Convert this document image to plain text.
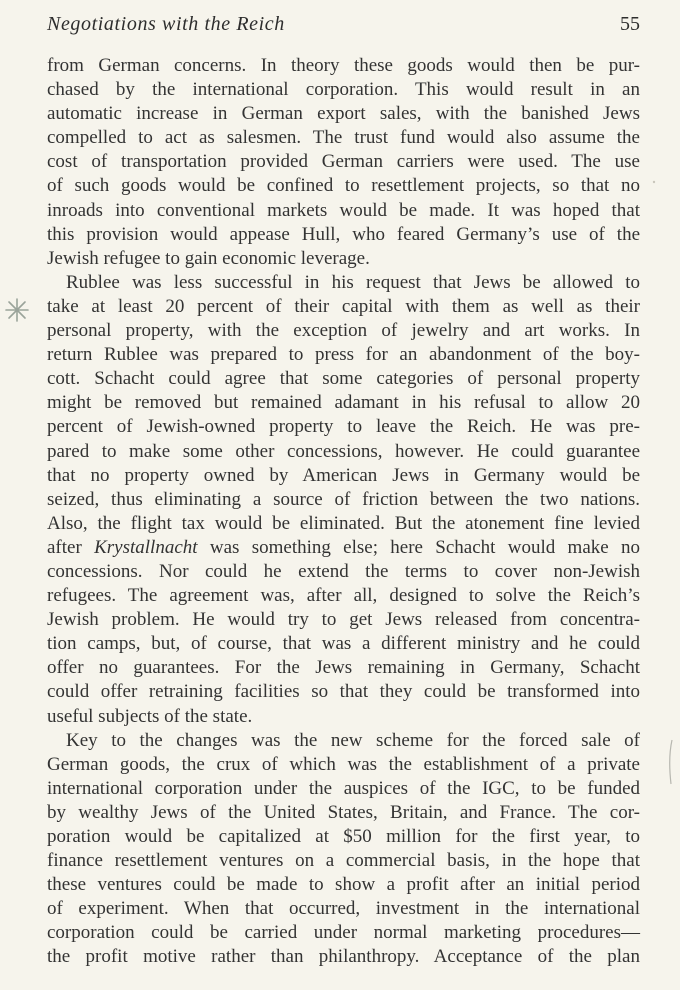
Negotiations with the Reich	55
from German concerns. In theory these goods would then be pur-
chased by the international corporation. This would result in an
automatic increase in German export sales, with the banished Jews
compelled to act as salesmen. The trust fund would also assume the
cost of transportation provided German carriers were used. The use
of such goods would be confined to resettlement projects, so that no
inroads into conventional markets would be made. It was hoped that
this provision would appease Hull, who feared Germany’s use of the
Jewish refugee to gain economic leverage.
Rublee was less successful in his request that Jews be allowed to
take at least 20 percent of their capital with them as well as their
personal property, with the exception of jewelry and art works. In
return Rublee was prepared to press for an abandonment of the boy-
cott. Schacht could agree that some categories of personal property
might be removed but remained adamant in his refusal to allow 20
percent of Jewish-owned property to leave the Reich. He was pre-
pared to make some other concessions, however. He could guarantee
that no property owned by American Jews in Germany would be
seized, thus eliminating a source of friction between the two nations.
Also, the flight tax would be eliminated. But the atonement fine levied
after Krystallnacht was something else; here Schacht would make no
concessions. Nor could he extend the terms to cover non-Jewish
refugees. The agreement was, after all, designed to solve the Reich’s
Jewish problem. He would try to get Jews released from concentra-
tion camps, but, of course, that was a different ministry and he could
offer no guarantees. For the Jews remaining in Germany, Schacht
could offer retraining facilities so that they could be transformed into
useful subjects of the state.
Key to the changes was the new scheme for the forced sale of
German goods, the crux of which was the establishment of a private
international corporation under the auspices of the IGC, to be funded
by wealthy Jews of the United States, Britain, and France. The cor-
poration would be capitalized at $50 million for the first year, to
finance resettlement ventures on a commercial basis, in the hope that
these ventures could be made to show a profit after an initial period
of experiment. When that occurred, investment in the international
corporation could be carried under normal marketing procedures—
the profit motive rather than philanthropy. Acceptance of the plan
